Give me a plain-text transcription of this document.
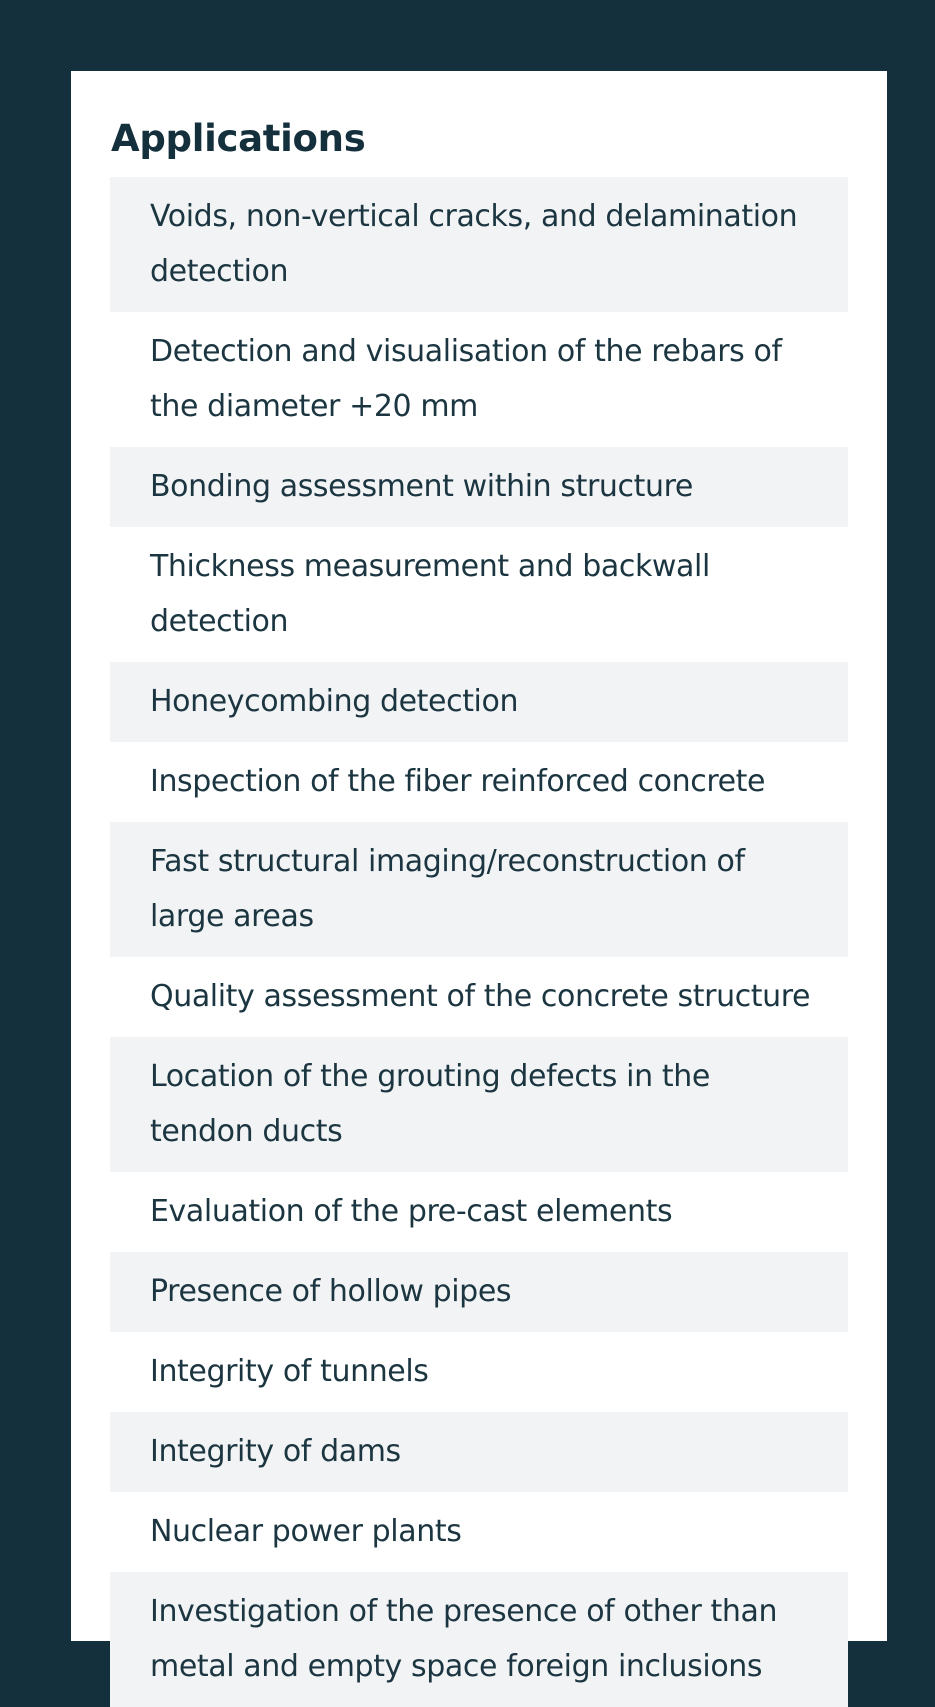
Applications
Voids, non-vertical cracks, and delamination detection
Detection and visualisation of the rebars of the diameter +20 mm
Bonding assessment within structure
Thickness measurement and backwall detection
Honeycombing detection
Inspection of the fiber reinforced concrete
Fast structural imaging/reconstruction of large areas
Quality assessment of the concrete structure
Location of the grouting defects in the tendon ducts
Evaluation of the pre-cast elements
Presence of hollow pipes
Integrity of tunnels
Integrity of dams
Nuclear power plants
Investigation of the presence of other than metal and empty space foreign inclusions
